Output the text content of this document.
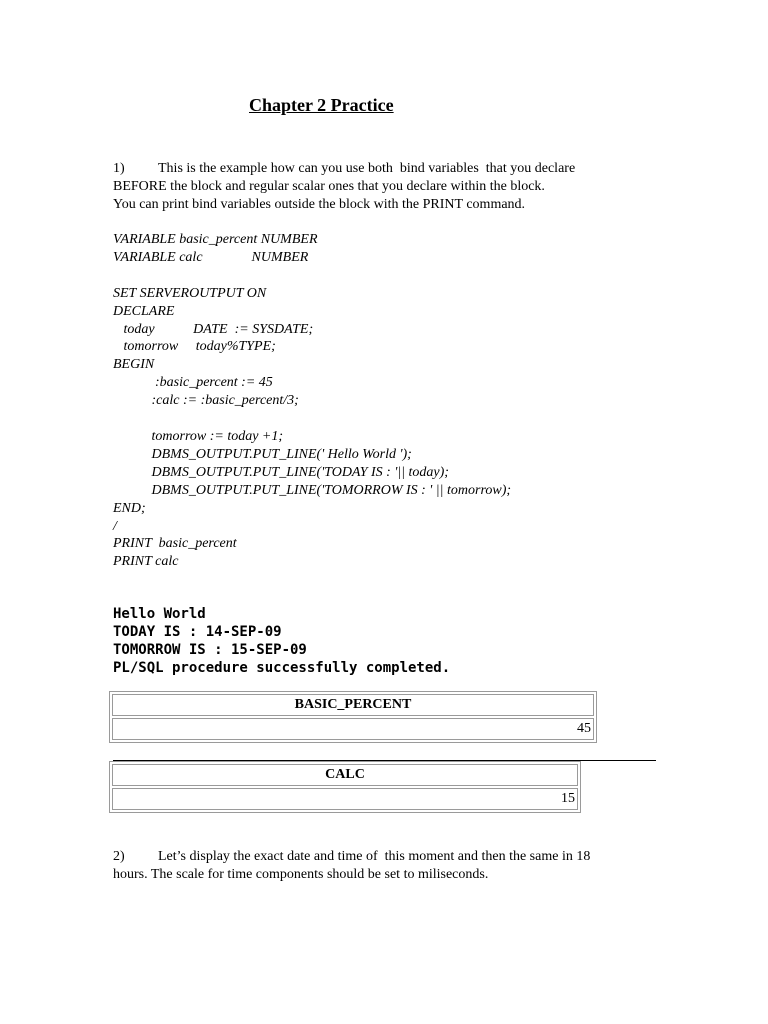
Chapter 2 Practice
1) This is the example how can you use both  bind variables  that you declare
BEFORE the block and regular scalar ones that you declare within the block.
You can print bind variables outside the block with the PRINT command.
VARIABLE basic_percent NUMBER
VARIABLE calc              NUMBER

SET SERVEROUTPUT ON
DECLARE
today           DATE  := SYSDATE;
tomorrow     today%TYPE;
BEGIN
:basic_percent := 45
:calc := :basic_percent/3;

tomorrow := today +1;
DBMS_OUTPUT.PUT_LINE(' Hello World ');
DBMS_OUTPUT.PUT_LINE('TODAY IS : '|| today);
DBMS_OUTPUT.PUT_LINE('TOMORROW IS : ' || tomorrow);
END;
/
PRINT  basic_percent
PRINT calc
Hello World
TODAY IS : 14-SEP-09
TOMORROW IS : 15-SEP-09
PL/SQL procedure successfully completed.
BASIC_PERCENT
45
CALC
15
2) Let’s display the exact date and time of  this moment and then the same in 18
hours. The scale for time components should be set to miliseconds.
